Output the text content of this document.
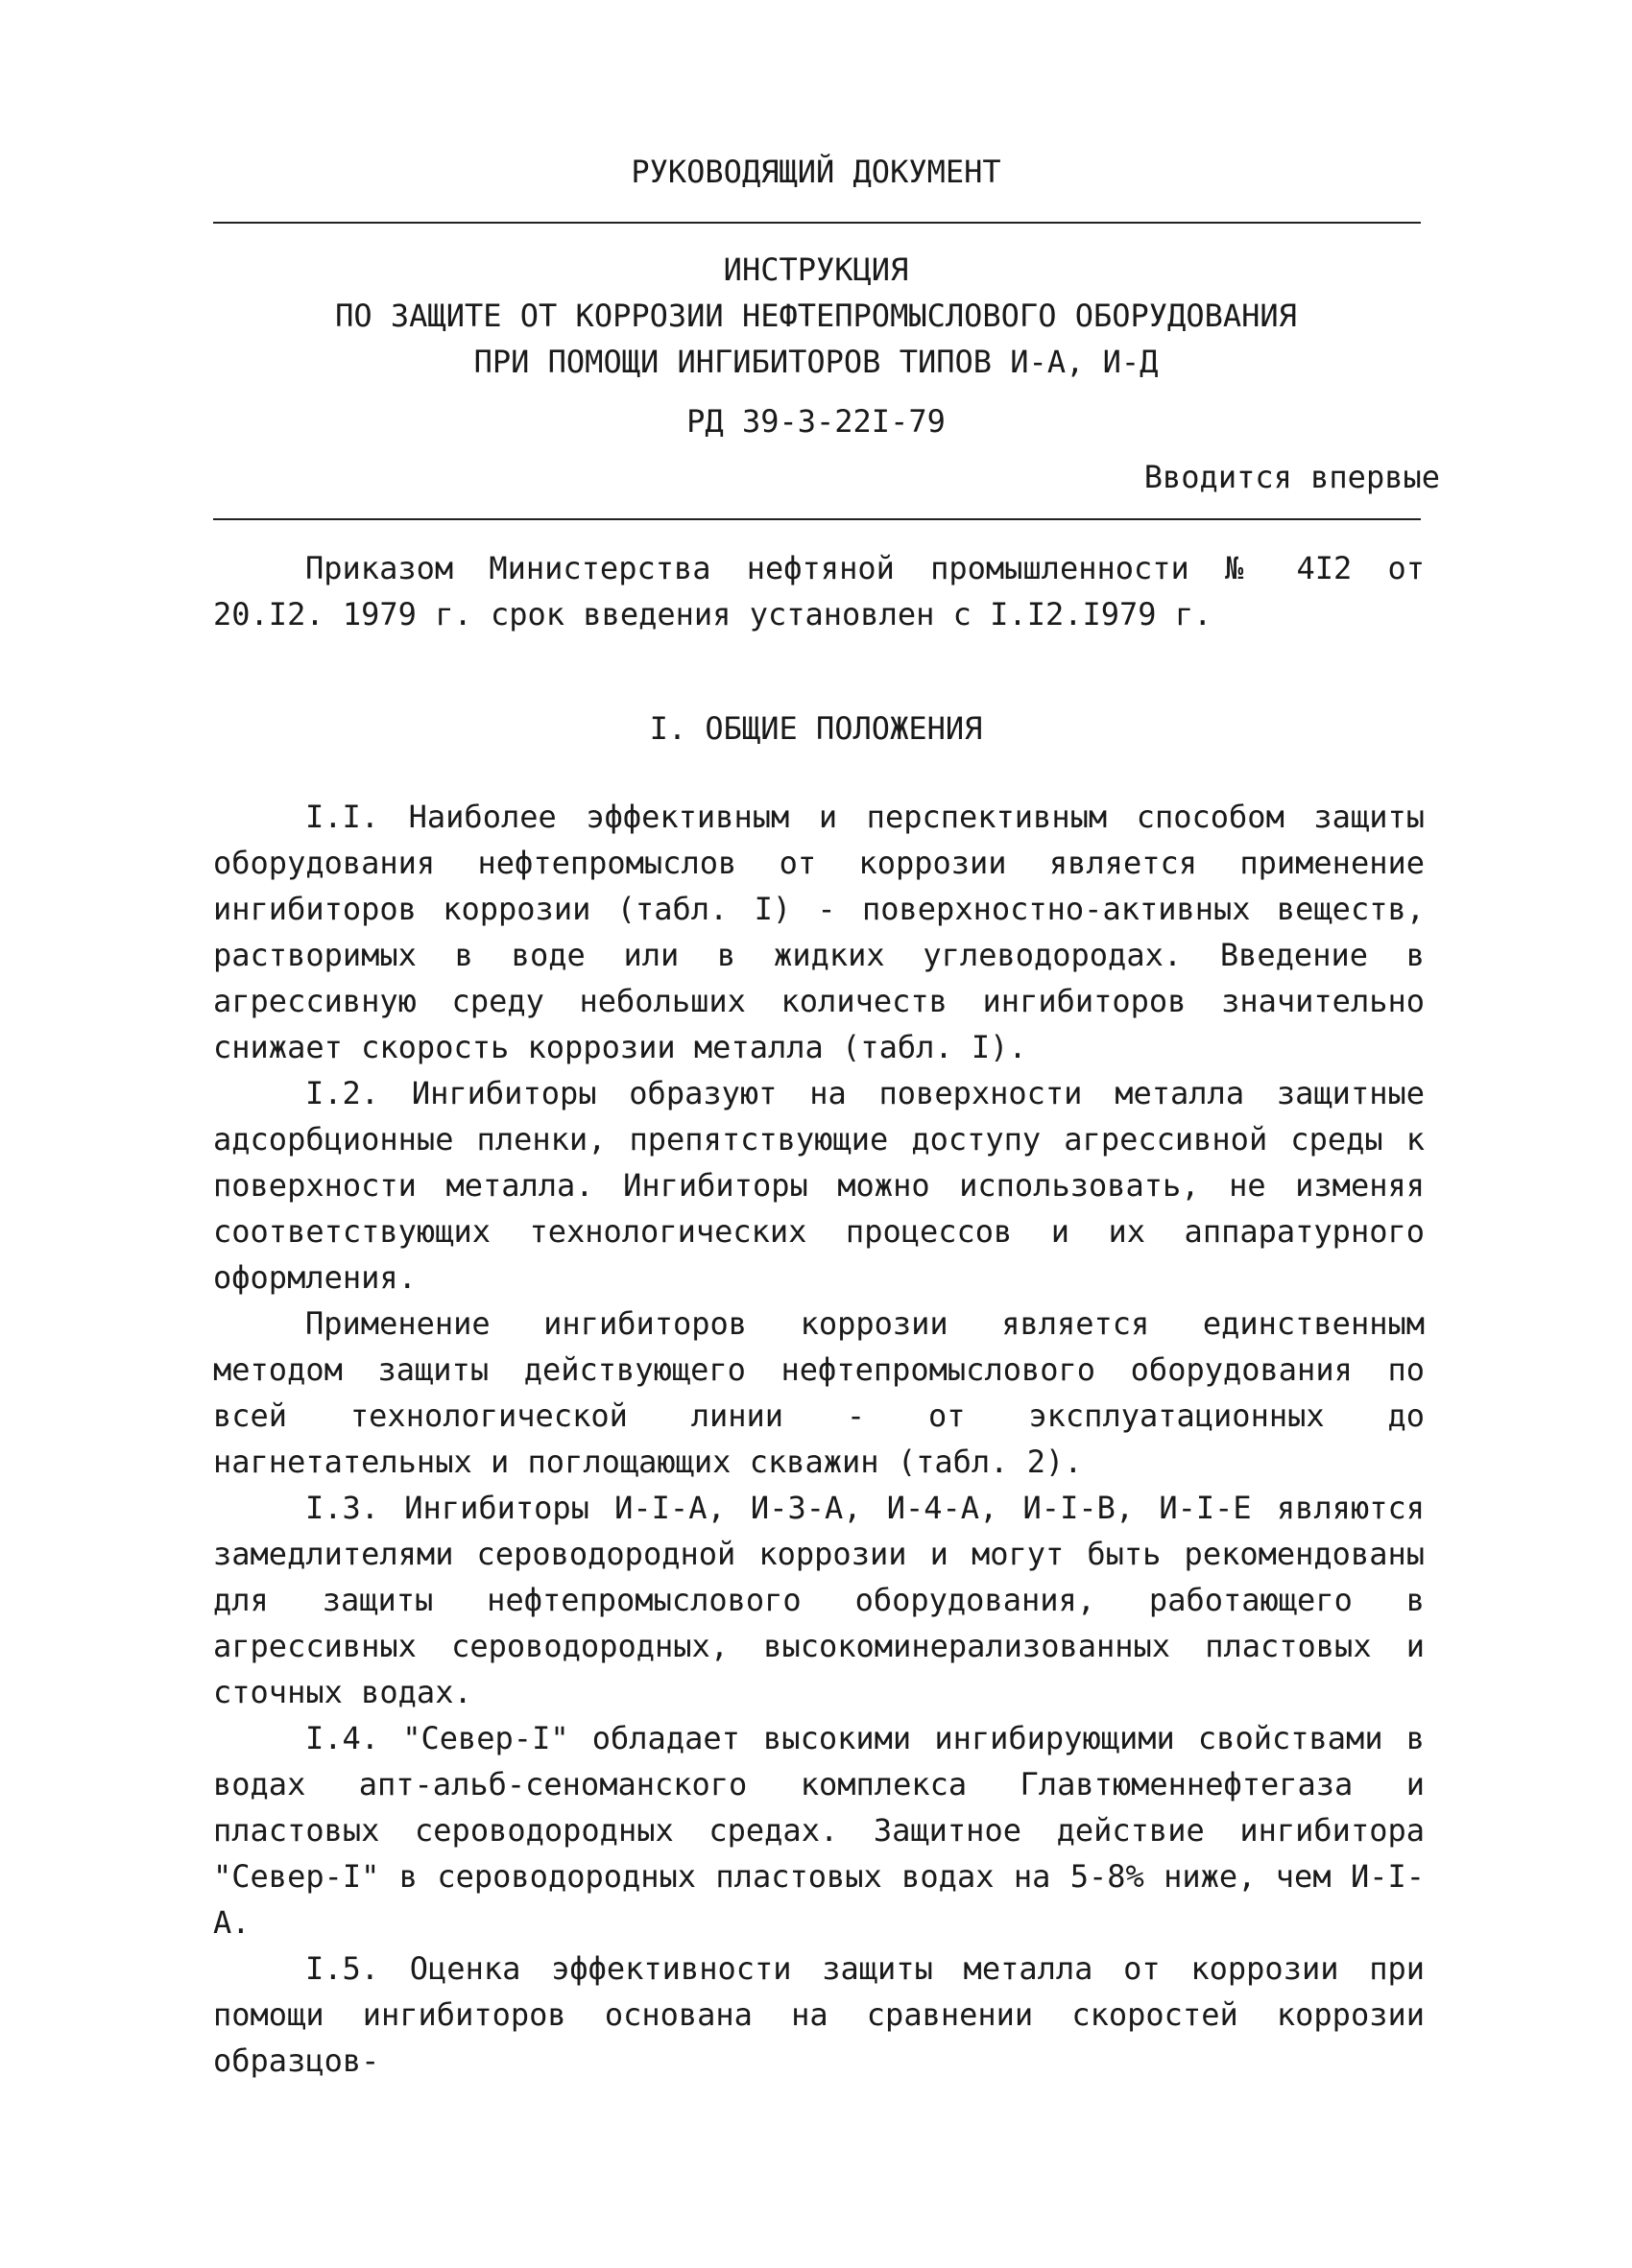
РУКОВОДЯЩИЙ ДОКУМЕНТ
ИНСТРУКЦИЯ
ПО ЗАЩИТЕ ОТ КОРРОЗИИ НЕФТЕПРОМЫСЛОВОГО ОБОРУДОВАНИЯ
ПРИ ПОМОЩИ ИНГИБИТОРОВ ТИПОВ И-А, И-Д
РД 39-3-22I-79
Вводится впервые

Приказом Министерства нефтяной промышленности № 4I2 от 20.I2. 1979 г. срок введения установлен с I.I2.I979 г.

I. ОБЩИЕ ПОЛОЖЕНИЯ

I.I. Наиболее эффективным и перспективным способом защиты оборудования нефтепромыслов от коррозии является применение ингибиторов коррозии (табл. I) - поверхностно-активных веществ, растворимых в воде или в жидких углеводородах. Введение в агрессивную среду небольших количеств ингибиторов значительно снижает скорость коррозии металла (табл. I).

I.2. Ингибиторы образуют на поверхности металла защитные адсорбционные пленки, препятствующие доступу агрессивной среды к поверхности металла. Ингибиторы можно использовать, не изменяя соответствующих технологических процессов и их аппаратурного оформления.

Применение ингибиторов коррозии является единственным методом защиты действующего нефтепромыслового оборудования по всей технологической линии - от эксплуатационных до нагнетательных и поглощающих скважин (табл. 2).

I.3. Ингибиторы И-I-А, И-3-А, И-4-А, И-I-В, И-I-Е являются замедлителями сероводородной коррозии и могут быть рекомендованы для защиты нефтепромыслового оборудования, работающего в агрессивных сероводородных, высокоминерализованных пластовых и сточных водах.

I.4. "Север-I" обладает высокими ингибирующими свойствами в водах апт-альб-сеноманского комплекса Главтюменнефтегаза и пластовых сероводородных средах. Защитное действие ингибитора "Север-I" в сероводородных пластовых водах на 5-8% ниже, чем И-I-А.

I.5. Оценка эффективности защиты металла от коррозии при помощи ингибиторов основана на сравнении скоростей коррозии образцов-
